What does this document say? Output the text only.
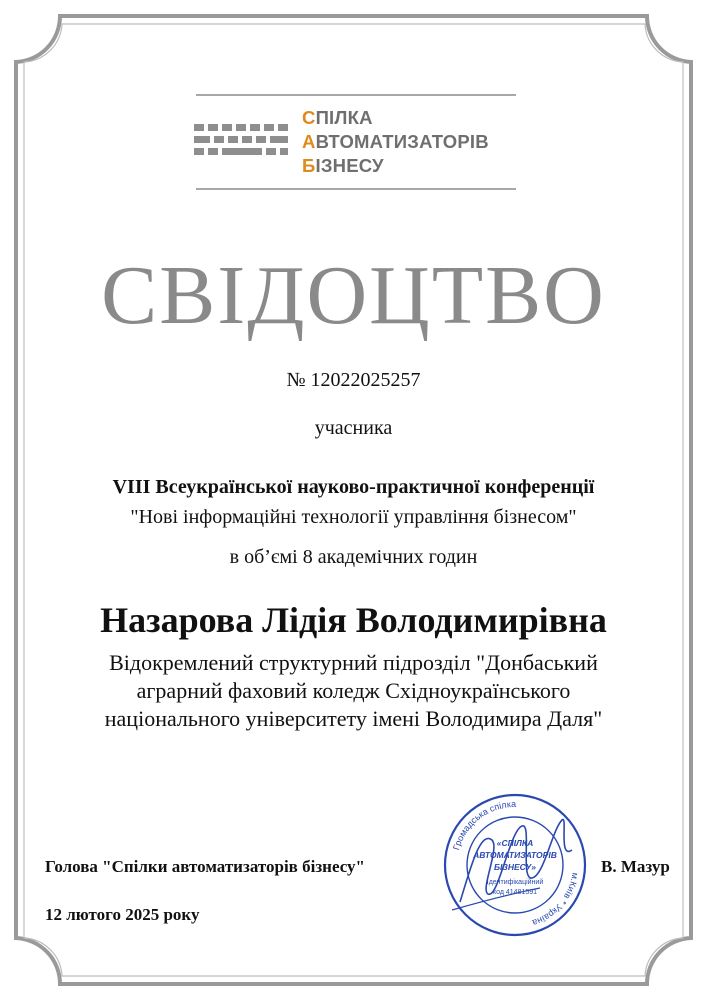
СПІЛКА
АВТОМАТИЗАТОРІВ
БІЗНЕСУ
СВІДОЦТВО
№ 12022025257
учасника
VIII Всеукраїнської науково-практичної конференції
"Нові інформаційні технології управління бізнесом"
в об’ємі 8 академічних годин
Назарова Лідія Володимирівна
Відокремлений структурний підрозділ "Донбаський
аграрний фаховий коледж Східноукраїнського
національного університету імені Володимира Даля"
Голова "Спілки автоматизаторів бізнесу"	м.Київ * Україна
Громадська спілка
«СПІЛКА
АВТОМАТИЗАТОРІВ
БІЗНЕСУ»
Ідентифікаційний
код 41481591
В. Мазур
12 лютого 2025 року
